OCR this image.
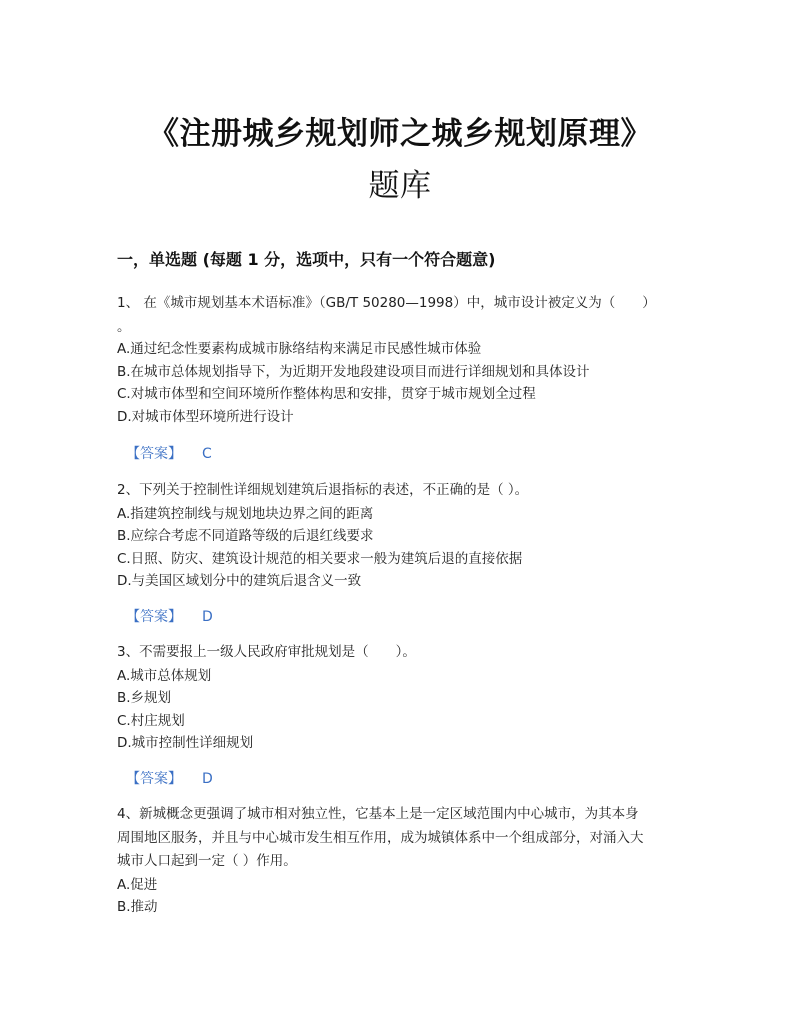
《注册城乡规划师之城乡规划原理》
题库
一，单选题 (每题 1 分，选项中，只有一个符合题意)

1、 在《城市规划基本术语标准》（GB/T 50280—1998）中，城市设计被定义为（　　）

。

A.通过纪念性要素构成城市脉络结构来满足市民感性城市体验

B.在城市总体规划指导下，为近期开发地段建设项目而进行详细规划和具体设计

C.对城市体型和空间环境所作整体构思和安排，贯穿于城市规划全过程

D.对城市体型环境所进行设计

【答案】 C

2、下列关于控制性详细规划建筑后退指标的表述，不正确的是（ ）。

A.指建筑控制线与规划地块边界之间的距离

B.应综合考虑不同道路等级的后退红线要求

C.日照、防灾、建筑设计规范的相关要求一般为建筑后退的直接依据

D.与美国区域划分中的建筑后退含义一致

【答案】 D

3、不需要报上一级人民政府审批规划是（　　）。

A.城市总体规划

B.乡规划

C.村庄规划

D.城市控制性详细规划

【答案】 D

4、新城概念更强调了城市相对独立性，它基本上是一定区域范围内中心城市，为其本身

周围地区服务，并且与中心城市发生相互作用，成为城镇体系中一个组成部分，对涌入大

城市人口起到一定（ ）作用。

A.促进

B.推动
